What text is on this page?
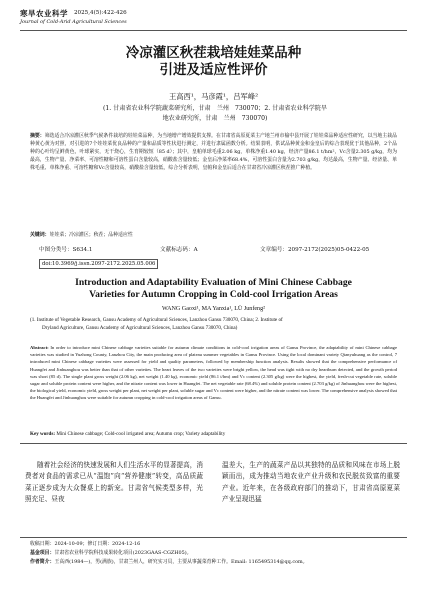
寒旱农业科学 2025,4(5):422-426
Journal of Cold-Arid Agricultural Sciences
冷凉灌区秋茬栽培娃娃菜品种
引进及适应性评价
王高西¹，马彦霞¹，吕军峰²
(1. 甘肃省农业科学院蔬菜研究所，甘肃　兰州　730070；2. 甘肃省农业科学院旱
地农业研究所，甘肃　兰州　730070)
摘要：筛选适合冷凉灌区秋季气候条件栽培的娃娃菜品种，为当地增产增效提供支撑。在甘肃省高原夏菜主产地兰州市榆中县开展了娃娃菜品种适应性研究，以当地主栽品种黄心黄为对照，对引进的7个娃娃菜优良品种的产量和品质等性状进行测定，并进行隶属函数分析。结果表明，供试品种黄金和金皇后的综合表现优于其他品种，2个品种的心叶均呈鲜黄色，叶球紧实，无干烧心，生育期较短（85 d）；其中，皇帕单球毛重2.06 kg，单株净重1.40 kg，经济产量86.1 t/hm²，Vc含量2.305 g/kg，均为最高，生物产量、净菜率、可溶性糖和可溶性蛋白含量较高，硝酸盐含量较低；金皇后净菜率68.4%，可溶性蛋白含量为2.703 g/kg，均达最高，生物产量、经济量、单株毛重、单株净重、可溶性糖和Vc含量较高，硝酸盐含量较低，综合分析表明，皇帕和金皇后适合在甘肃省冷凉灌区秋茬推广种植。
关键词：娃娃菜；冷凉灌区；秋茬；品种适应性
中图分类号：S634.1	文献标志码：A	文章编号：2097-2172(2025)05-0422-05
doi:10.3969/j.issn.2097-2172.2025.05.006
Introduction and Adaptability Evaluation of Mini Chinese Cabbage
Varieties for Autumn Cropping in Cold-cool Irrigation Areas
WANG Gaoxi¹, MA Yanxia¹, LÜ Junfeng²
(1. Institute of Vegetable Research, Gansu Academy of Agricultural Sciences, Lanzhou Gansu 730070, China; 2. Institute of
Dryland Agriculture, Gansu Academy of Agricultural Sciences, Lanzhou Gansu 730070, China)
Abstract: In order to introduce mini Chinese cabbage varieties suitable for autumn climate conditions in cold-cool irrigation areas of Gansu Province, the adaptability of mini Chinese cabbage varieties was studied in Yuzhong County, Lanzhou City, the main producing area of plateau summer vegetables in Gansu Province. Using the local dominant variety Qianyuhuang as the control, 7 introduced mini Chinese cabbage varieties were assessed for yield and quality parameters, followed by membership function analysis. Results showed that the comprehensive performance of Huangfei and Jinhuanghou was better than that of other varieties. The heart leaves of the two varieties were bright yellow, the head was tight with no dry heartburn detected, and the growth period was short (85 d). The single plant gross weight (2.06 kg), net weight (1.40 kg), economic yield (86.1 t/hm) and Vc content (2.305 g/kg) were the highest, the yield, fresh-cut vegetable rate, soluble sugar and soluble protein content were higher, and the nitrate content was lower in Huangfei. The net vegetable rate (68.4%) and soluble protein content (2.703 g/kg) of Jinhuanghou were the highest, the biological yield, economic yield, gross weight per plant, net weight per plant, soluble sugar and Vc content were higher, and the nitrate content was lower. The comprehensive analysis showed that the Huangfei and Jinhuanghou were suitable for autumn cropping in cold-cool irrigation areas of Gansu.
Key words: Mini Chinese cabbage; Cold-cool irrigated area; Autumn crop; Variety adaptability
随着社会经济的快速发展和人们生活水平的显著提高，消费者对食品的需求已从“温饱”向“营养健康”转变，高品质蔬菜正逐步成为大众餐桌上的新宠。甘肃省气候类型多样，光照充足、昼夜
温差大，生产的蔬菜产品以其独特的品质和风味在市场上脱颖而出，成为推动当地农业产业升级和农民脱贫致富的重要产业。近年来，在各级政府部门的推动下，甘肃省高原夏菜产业呈现迅猛
收稿日期：2024-10-09；修订日期：2024-12-16
基金项目：甘肃省农业科学院科技成果转化项目(2023GAAS-CGZH05)。
作者简介：王高西(1984—)，男(满族)，甘肃兰州人，研究实习员，主要从事蔬菜育种工作。Email: 1165495314@qq.com。
